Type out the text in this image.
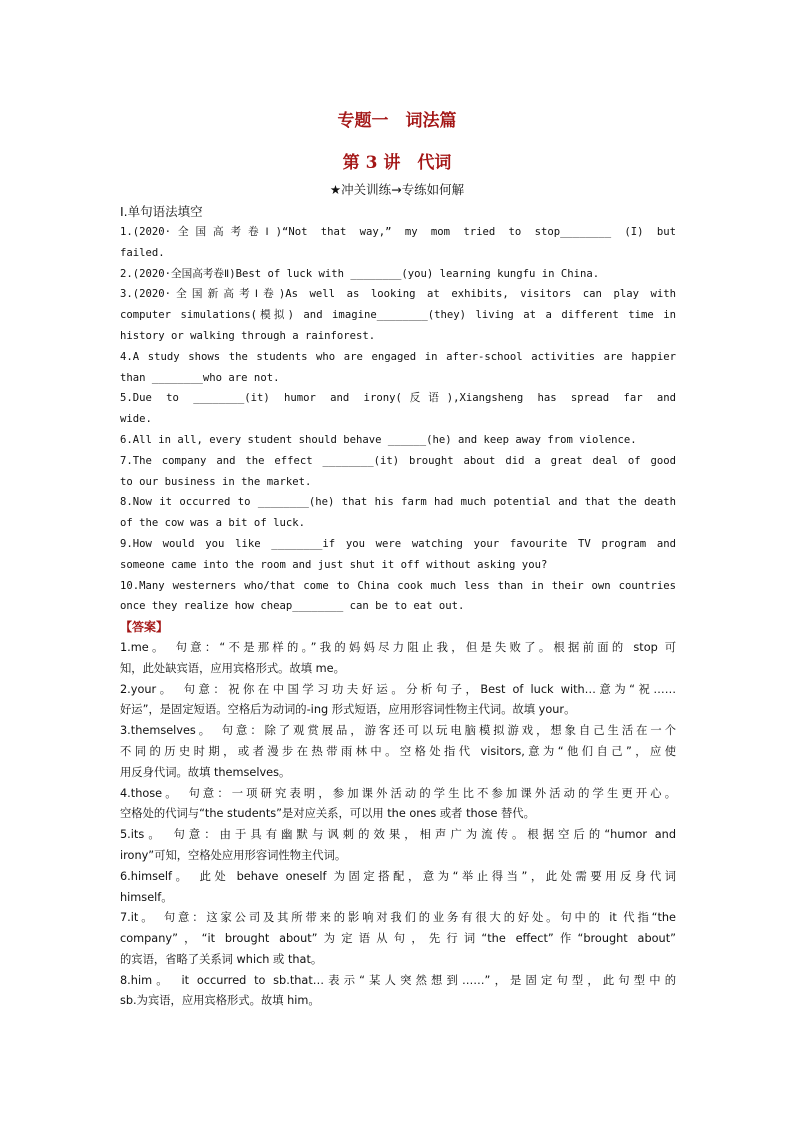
专题一　词法篇
第 3 讲　代词
★冲关训练→专练如何解
Ⅰ.单句语法填空
1.(2020·全国高考卷Ⅰ)“Not that way,” my mom tried to stop________ (I) but
failed.
2.(2020·全国高考卷Ⅱ)Best of luck with ________(you) learning kungfu in China.
3.(2020·全国新高考Ⅰ卷)As well as looking at exhibits, visitors can play with
computer simulations(模拟) and imagine________(they) living at a different time in
history or walking through a rainforest.
4.A study shows the students who are engaged in after-school activities are happier
than ________who are not.
5.Due to ________(it) humor and irony(反语),Xiangsheng has spread far and
wide.
6.All in all, every student should behave ______(he) and keep away from violence.
7.The company and the effect ________(it) brought about did a great deal of good
to our business in the market.
8.Now it occurred to ________(he) that his farm had much potential and that the death
of the cow was a bit of luck.
9.How would you like ________if you were watching your favourite TV program and
someone came into the room and just shut it off without asking you?
10.Many westerners who/that come to China cook much less than in their own countries
once they realize how cheap________ can be to eat out.
【答案】
1.me。　句意：“不是那样的。”我的妈妈尽力阻止我，但是失败了。根据前面的 stop 可
知，此处缺宾语，应用宾格形式。故填 me。
2.your。　句意：祝你在中国学习功夫好运。分析句子，Best of luck with…意为“祝……
好运”，是固定短语。空格后为动词的-ing 形式短语，应用形容词性物主代词。故填 your。
3.themselves。　句意：除了观赏展品，游客还可以玩电脑模拟游戏，想象自己生活在一个
不同的历史时期，或者漫步在热带雨林中。空格处指代 visitors,意为“他们自己”，应使
用反身代词。故填 themselves。
4.those。　句意：一项研究表明，参加课外活动的学生比不参加课外活动的学生更开心。
空格处的代词与“the students”是对应关系，可以用 the ones 或者 those 替代。
5.its。　句意：由于具有幽默与讽刺的效果，相声广为流传。根据空后的“humor and
irony”可知，空格处应用形容词性物主代词。
6.himself。　此处 behave oneself 为固定搭配，意为“举止得当”，此处需要用反身代词
himself。
7.it。　句意：这家公司及其所带来的影响对我们的业务有很大的好处。句中的 it 代指“the
company”，“it brought about”为定语从句，先行词“the effect”作“brought about”
的宾语，省略了关系词 which 或 that。
8.him。　it occurred to sb.that…表示“某人突然想到……”，是固定句型，此句型中的
sb.为宾语，应用宾格形式。故填 him。
